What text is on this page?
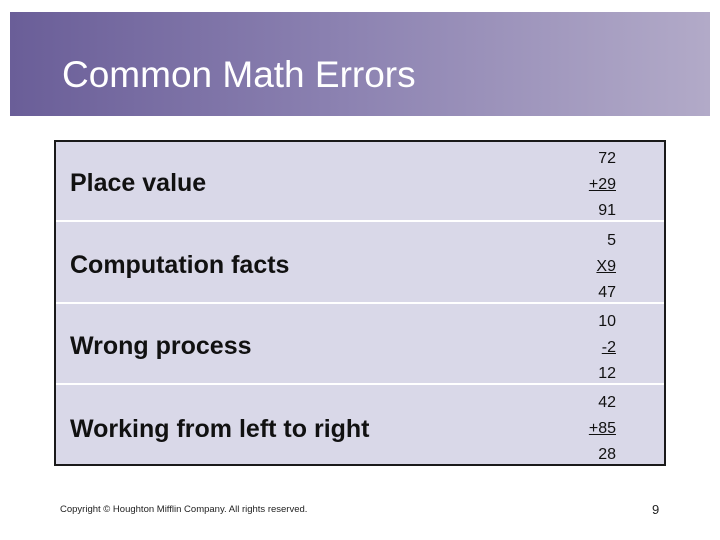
Common Math Errors
Place value
72
+29
91
Computation facts
5
X9
47
Wrong process
10
-2
12
Working from left to right
42
+85
28
Copyright © Houghton Mifflin Company. All rights reserved.	9
